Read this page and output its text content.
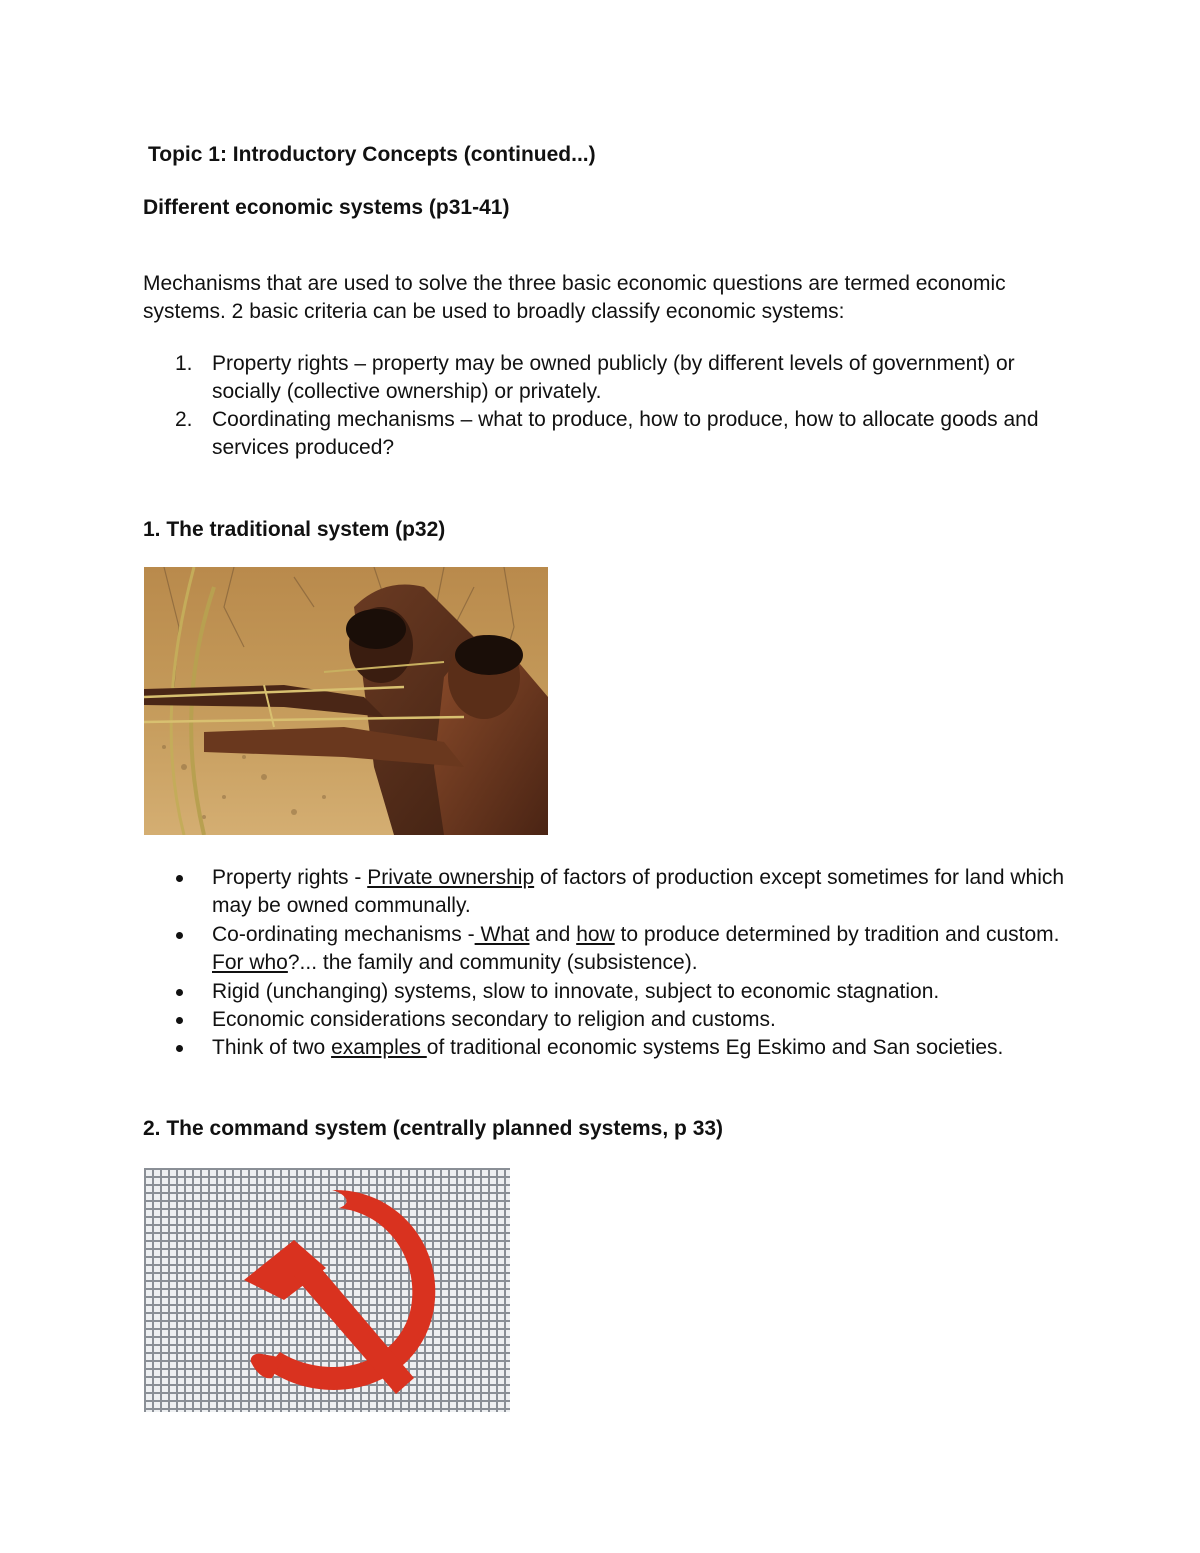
Topic 1: Introductory Concepts (continued...)
Different economic systems (p31-41)

Mechanisms that are used to solve the three basic economic questions are termed economic systems. 2 basic criteria can be used to broadly classify economic systems:

1. Property rights – property may be owned publicly (by different levels of government) or socially (collective ownership) or privately.
2. Coordinating mechanisms – what to produce, how to produce, how to allocate goods and services produced?
1. The traditional system (p32)
Property rights - Private ownership of factors of production except sometimes for land which may be owned communally.
Co-ordinating mechanisms - What and how to produce determined by tradition and custom. For who?... the family and community (subsistence).
Rigid (unchanging) systems, slow to innovate, subject to economic stagnation.
Economic considerations secondary to religion and customs.
Think of two examples of traditional economic systems Eg Eskimo and San societies.
2. The command system (centrally planned systems, p 33)
